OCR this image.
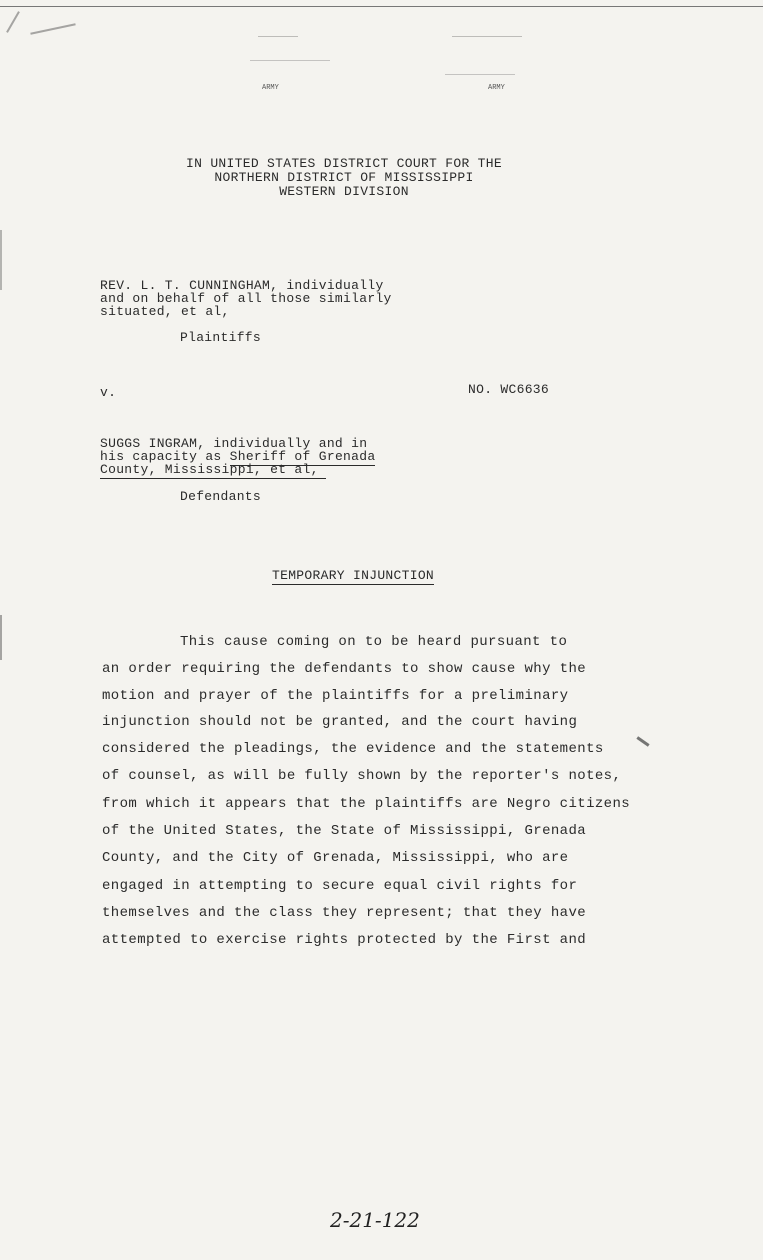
ARMY	ARMY
IN UNITED STATES DISTRICT COURT FOR THE
NORTHERN DISTRICT OF MISSISSIPPI
WESTERN DIVISION
REV. L. T. CUNNINGHAM, individually
and on behalf of all those similarly
situated, et al,
Plaintiffs
v.	NO. WC6636
SUGGS INGRAM, individually and in
his capacity as Sheriff of Grenada
County, Mississippi, et al,
Defendants
TEMPORARY INJUNCTION
This cause coming on to be heard pursuant to
an order requiring the defendants to show cause why the
motion and prayer of the plaintiffs for a preliminary
injunction should not be granted, and the court having
considered the pleadings, the evidence and the statements
of counsel, as will be fully shown by the reporter's notes,
from which it appears that the plaintiffs are Negro citizens
of the United States, the State of Mississippi, Grenada
County, and the City of Grenada, Mississippi, who are
engaged in attempting to secure equal civil rights for
themselves and the class they represent; that they have
attempted to exercise rights protected by the First and
2-21-122
